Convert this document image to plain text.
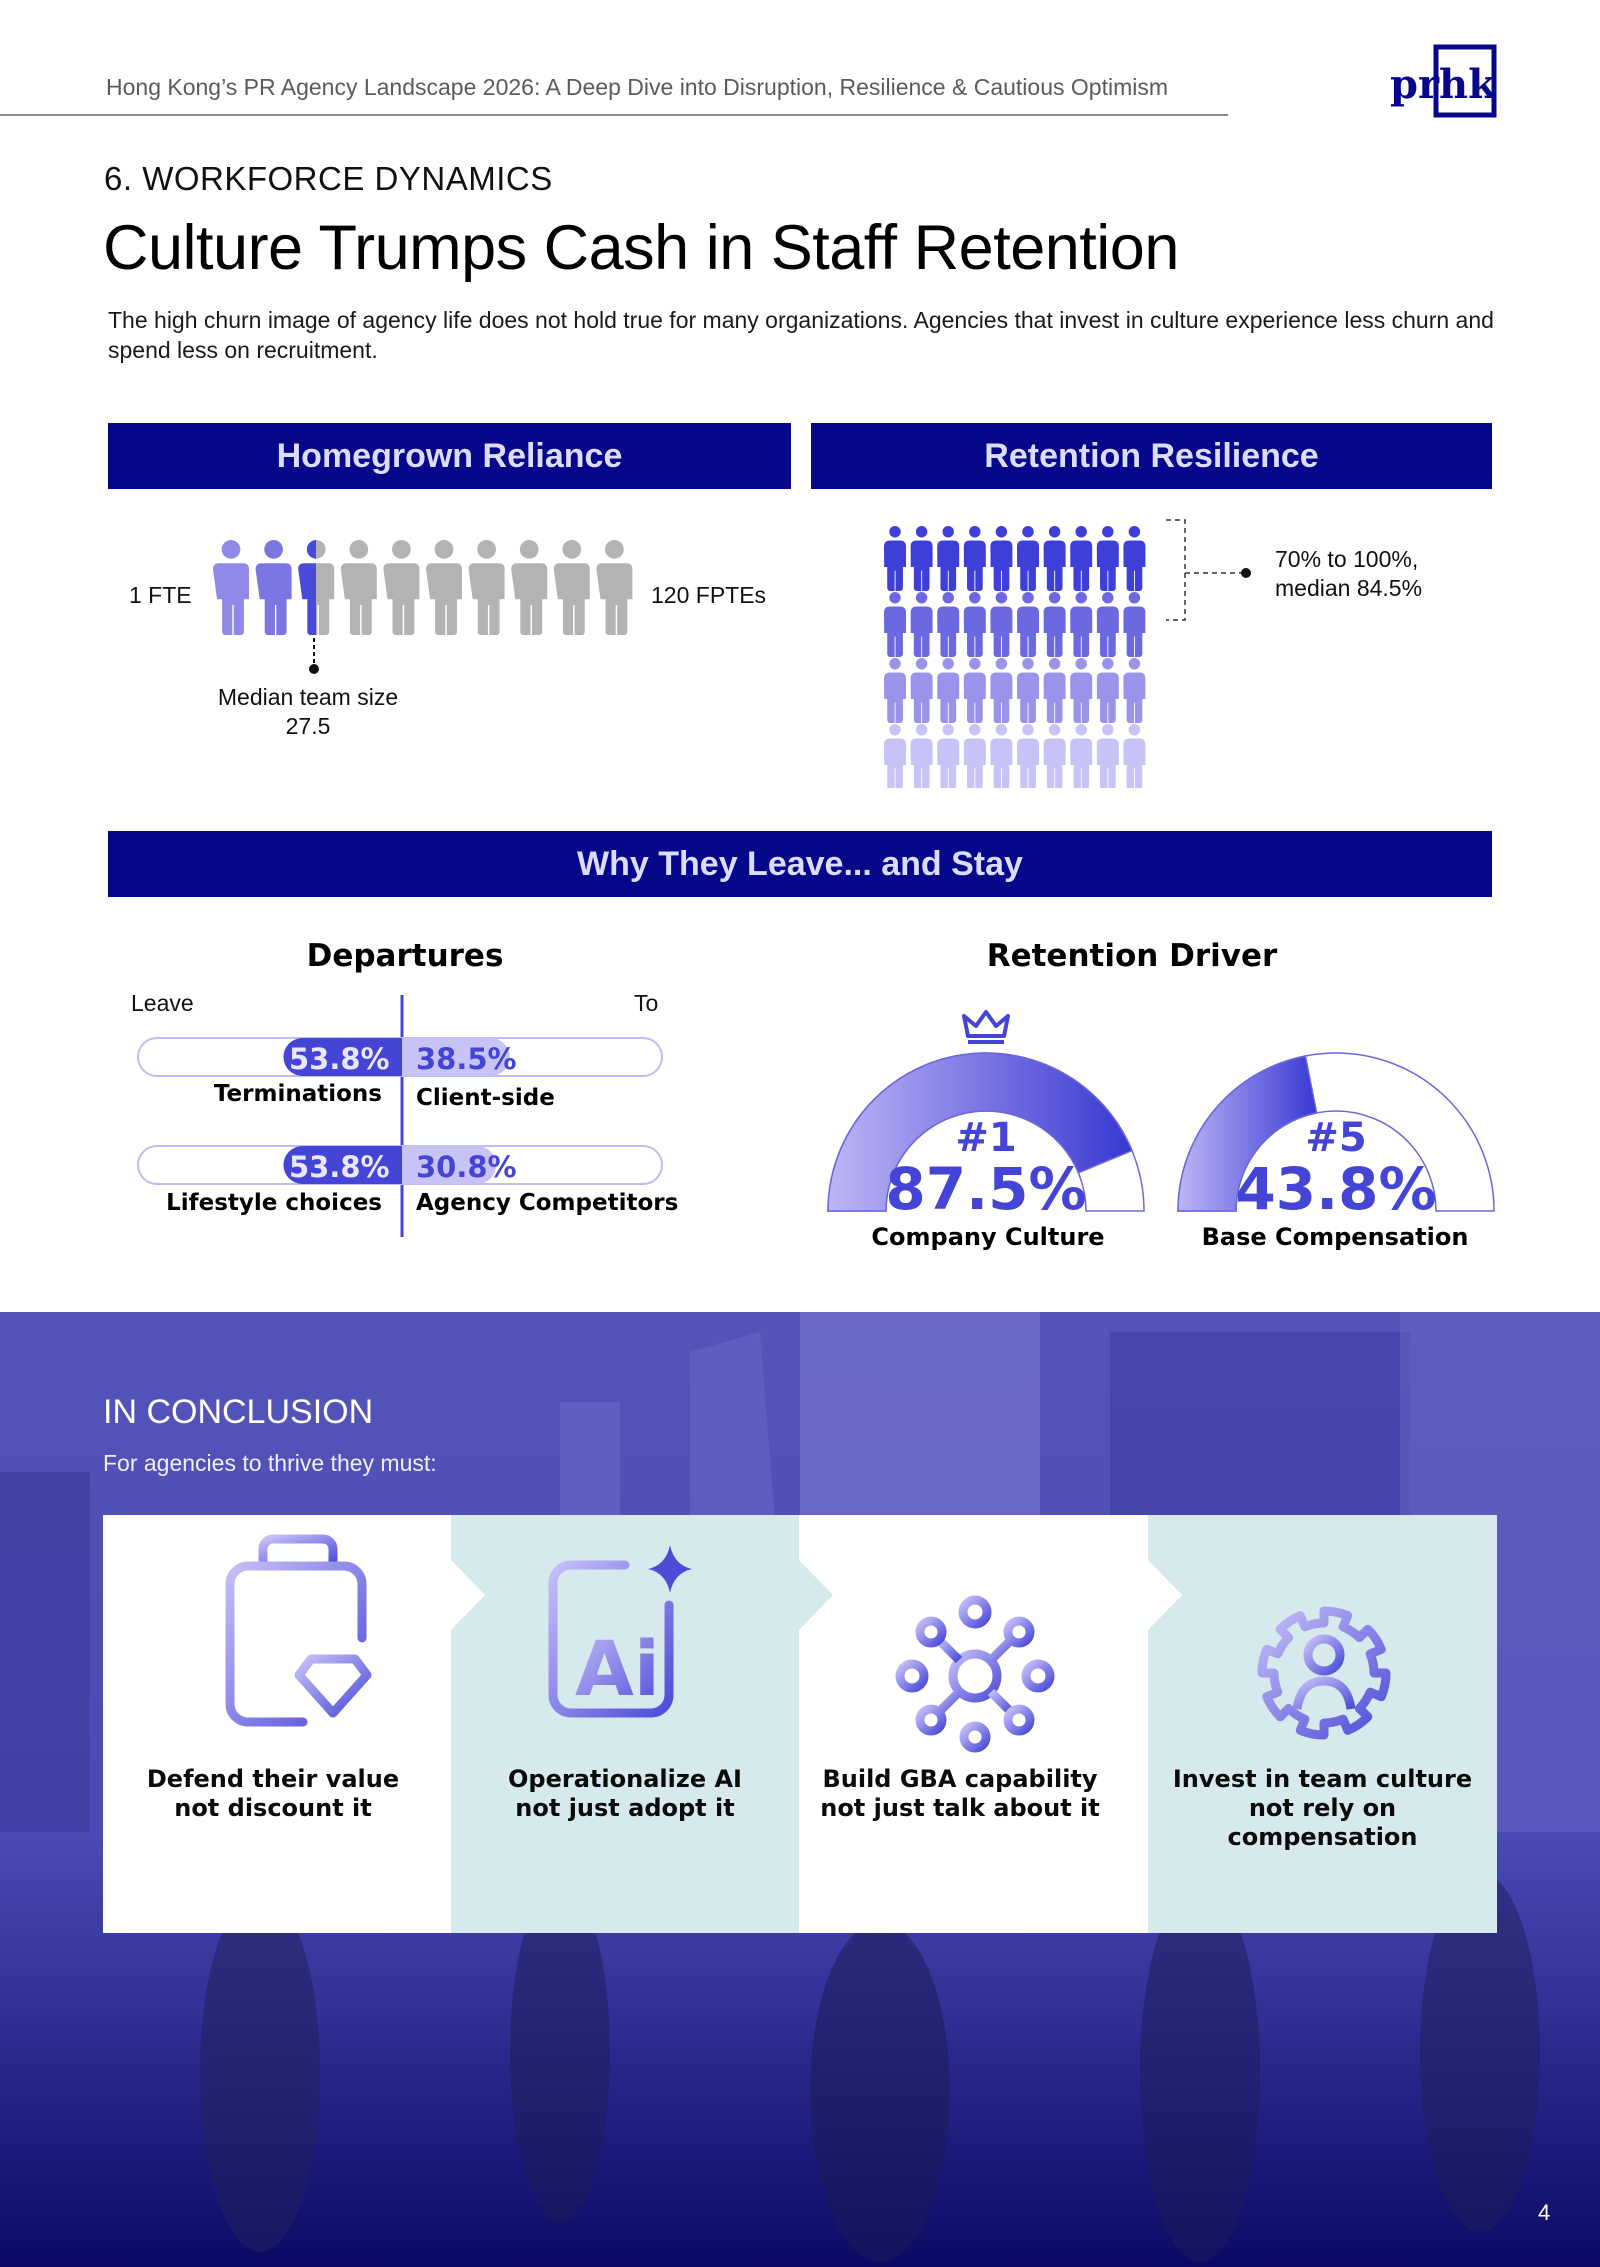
Hong Kong’s PR Agency Landscape 2026: A Deep Dive into Disruption, Resilience & Cautious Optimism	prhk
6. WORKFORCE DYNAMICS
Culture Trumps Cash in Staff Retention
The high churn image of agency life does not hold true for many organizations. Agencies that invest in culture experience less churn and spend less on recruitment.
Homegrown Reliance	Retention Resilience
1 FTE	120 FPTEs
Median team size
27.5
70% to 100%,
median 84.5%
Why They Leave... and Stay
Departures
Leave	To
53.8% 38.5%
Terminations Client-side
53.8% 30.8%
Lifestyle choices Agency Competitors
Retention Driver
#1
87.5%
#5
43.8%
Company Culture	Base Compensation
IN CONCLUSION
For agencies to thrive they must:
Ai
Defend their value
not discount it
Operationalize AI
not just adopt it
Build GBA capability
not just talk about it
Invest in team culture
not rely on
compensation
4
